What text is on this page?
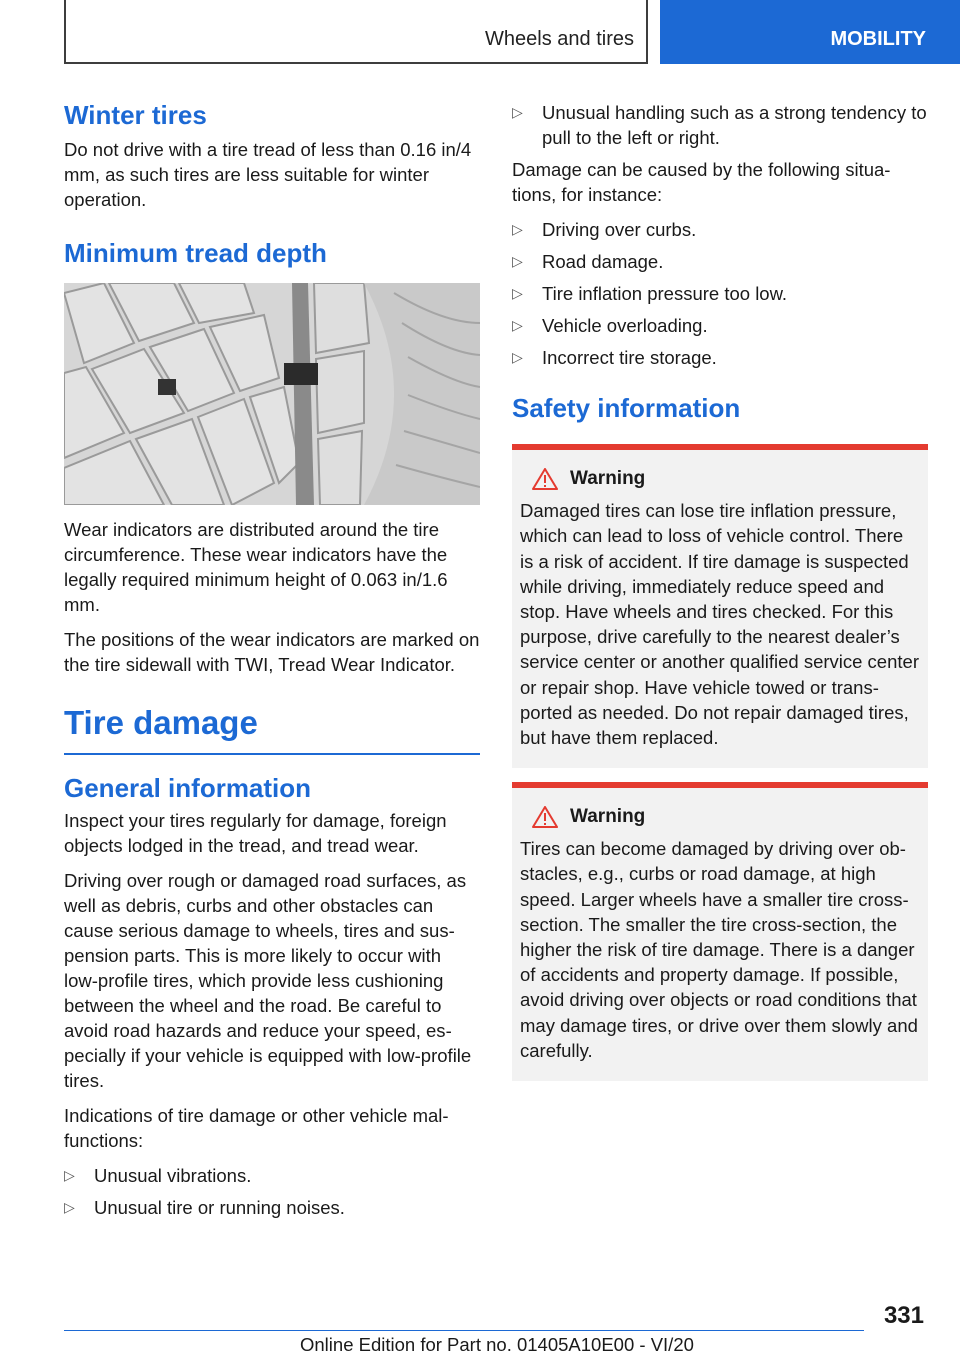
Wheels and tires	MOBILITY
Winter tires

Do not drive with a tire tread of less than 0.16 in/4 mm, as such tires are less suitable for winter operation.

Minimum tread depth

Wear indicators are distributed around the tire circumference. These wear indicators have the legally required minimum height of 0.063 in/1.6 mm.

The positions of the wear indicators are marked on the tire sidewall with TWI, Tread Wear Indicator.

Tire damage
General information

Inspect your tires regularly for damage, foreign objects lodged in the tread, and tread wear.

Driving over rough or damaged road surfaces, as well as debris, curbs and other obstacles can cause serious damage to wheels, tires and suspension parts. This is more likely to occur with low-profile tires, which provide less cushioning between the wheel and the road. Be careful to avoid road hazards and reduce your speed, especially if your vehicle is equipped with low-profile tires.

Indications of tire damage or other vehicle malfunctions:

▷ Unusual vibrations.
▷ Unusual tire or running noises.
▷ Unusual handling such as a strong tendency to pull to the left or right.

Damage can be caused by the following situations, for instance:

▷ Driving over curbs.
▷ Road damage.
▷ Tire inflation pressure too low.
▷ Vehicle overloading.
▷ Incorrect tire storage.
Safety information
Warning

Damaged tires can lose tire inflation pressure, which can lead to loss of vehicle control. There is a risk of accident. If tire damage is suspected while driving, immediately reduce speed and stop. Have wheels and tires checked. For this purpose, drive carefully to the nearest dealer’s service center or another qualified service center or repair shop. Have vehicle towed or transported as needed. Do not repair damaged tires, but have them replaced.

Warning

Tires can become damaged by driving over obstacles, e.g., curbs or road damage, at high speed. Larger wheels have a smaller tire cross-section. The smaller the tire cross-section, the higher the risk of tire damage. There is a danger of accidents and property damage. If possible, avoid driving over objects or road conditions that may damage tires, or drive over them slowly and carefully.

331
Online Edition for Part no. 01405A10E00 - VI/20
